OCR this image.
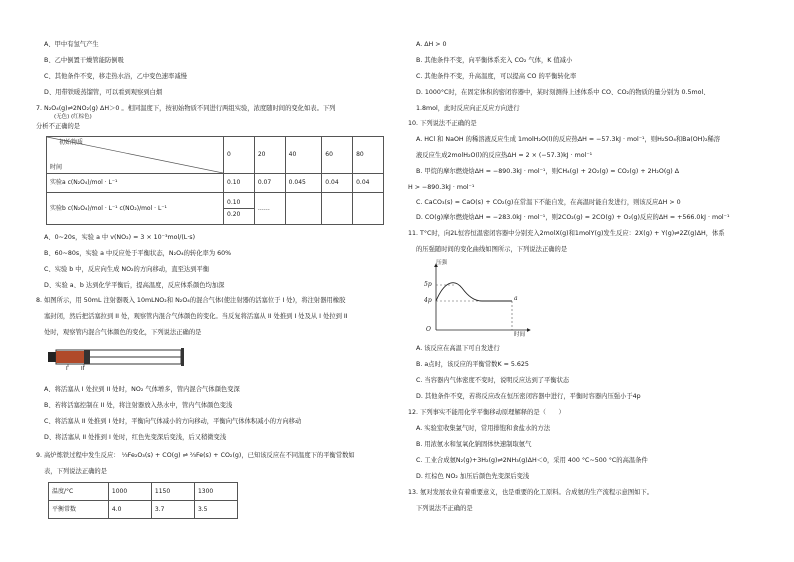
A、甲中有氢气产生
B、乙中倒置干燥管能防倒吸
C、其他条件不变，移走热水浴，乙中变色速率减慢
D、用带铁暖蒸馏管，可以看到观察到白烟
7. N₂O₄(g)⇌2NO₂(g) ΔH＞0 。相同温度下，按初始物质不同进行两组实验，浓度随时间的变化如表。下列
(无色) (红棕色)
分析不正确的是
初始物质
时间	0	20	40	60	80
实验a c(N₂O₄)/mol · L⁻¹	0.10	0.07	0.045	0.04	0.04
实验b c(N₂O₄)/mol · L⁻¹ c(NO₂)/mol · L⁻¹	0.10
0.20	……			
A、0~20s，实验 a 中 v(NO₂) = 3 × 10⁻³mol/(L·s)
B、60~80s，实验 a 中反应处于平衡状态，N₂O₄的转化率为 60%
C、实验 b 中，反应向生成 NO₂的方向移动，直至达到平衡
D、实验 a、b 达到化学平衡后，提高温度，反应体系颜色均加深
8. 如图所示，用 50mL 注射器吸入 10mLNO₂和 N₂O₄的混合气体(使注射器的活塞位于 I 处)，将注射器用橡胶
塞封闭，然后把活塞拉到 II 处，观察管内混合气体颜色的变化。当反复将活塞从 II 处推到 I 处及从 I 处拉到 II
处时，观察管内混合气体颜色的变化，下列说法正确的是
I II
A、将活塞从 I 处拉到 II 处时，NO₂ 气体增多，管内混合气体颜色变深
B、若将活塞控制在 II 处，将注射器放入热水中，管内气体颜色变浅
C、将活塞从 II 处推到 I 处时，平衡向气体减小的方向移动，平衡向气体体积减小的方向移动
D、将活塞从 II 处推到 I 处时，红色先变深后变浅，后又稍微变浅
9. 高炉炼铁过程中发生反应： ⅓Fe₂O₃(s) + CO(g) ⇌ ⅔Fe(s) + CO₂(g)，已知该反应在不同温度下的平衡常数如
表，下列说法正确的是
温度/°C	1000	1150	1300
平衡常数	4.0	3.7	3.5
A. ΔH > 0
B. 其他条件不变，向平衡体系充入 CO₂ 气体，K 值减小
C. 其他条件不变，升高温度，可以提高 CO 的平衡转化率
D. 1000°C时，在固定体积的密闭容器中，某时刻测得上述体系中 CO、CO₂的物质的量分别为 0.5mol、
1.8mol，此时反应向正反应方向进行
10. 下列说法不正确的是
A. HCl 和 NaOH 的稀溶液反应生成 1molH₂O(l)的反应热ΔH = −57.3kJ · mol⁻¹，则H₂SO₄和Ba(OH)₂稀溶
液反应生成2molH₂O(l)的反应热ΔH = 2 × (−57.3)kJ · mol⁻¹
B. 甲烷的摩尔燃烧焓ΔH = −890.3kJ · mol⁻¹，则CH₄(g) + 2O₂(g) = CO₂(g) + 2H₂O(g) Δ
H > −890.3kJ · mol⁻¹
C. CaCO₃(s) = CaO(s) + CO₂(g)在常温下不能自发，在高温时能自发进行，则该反应ΔH > 0
D. CO(g)摩尔燃烧焓ΔH = −283.0kJ · mol⁻¹，则2CO₂(g) = 2CO(g) + O₂(g)反应的ΔH = +566.0kJ · mol⁻¹
11. T°C时，向2L恒容恒温密闭容器中分别充入2molX(g)和1molY(g)发生反应：2X(g) + Y(g)⇌2Z(g)ΔH，体系
的压强随时间的变化曲线如图所示，下列说法正确的是
压强
5p
4p
O
时间
a
A. 该反应在高温下可自发进行
B. a点时，该反应的平衡常数K = 5.625
C. 当容器内气体密度不变时，说明反应达到了平衡状态
D. 其他条件不变，若将反应改在恒压密闭容器中进行，平衡时容器内压强小于4p
12. 下列事实不能用化学平衡移动原理解释的是（　　）
A. 实验室收集氯气时，常用排饱和食盐水的方法
B. 用浓氨水和氢氧化钠固体快速制取氨气
C. 工业合成氨N₂(g)+3H₂(g)⇌2NH₃(g)ΔH＜0，采用 400 °C~500 °C的高温条件
D. 红棕色 NO₂ 加压后颜色先变深后变浅
13. 氨对发展农业有着重要意义，也是重要的化工原料。合成氨的生产流程示意图如下。
下列说法不正确的是
